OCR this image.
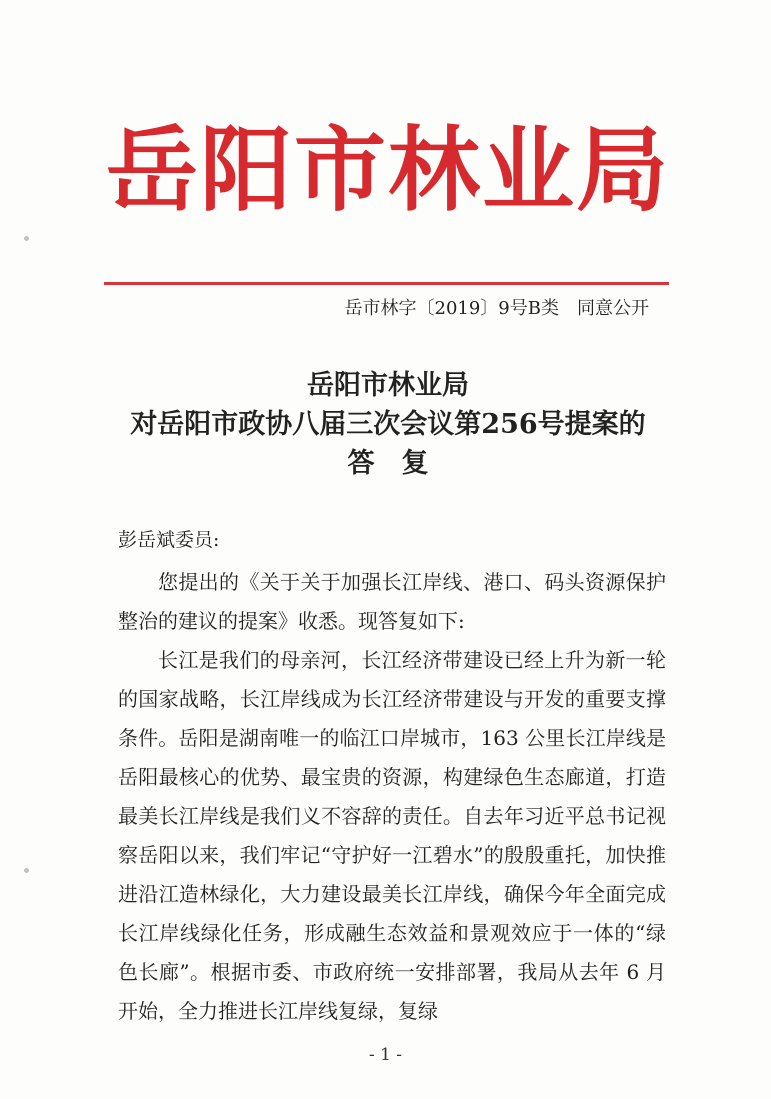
岳阳市林业局
岳市林字〔2019〕9号B类　同意公开
岳阳市林业局
对岳阳市政协八届三次会议第256号提案的
答　复
彭岳斌委员:

您提出的《关于关于加强长江岸线、港口、码头资源保护整治的建议的提案》收悉。现答复如下:

长江是我们的母亲河，长江经济带建设已经上升为新一轮的国家战略，长江岸线成为长江经济带建设与开发的重要支撑条件。岳阳是湖南唯一的临江口岸城市，163 公里长江岸线是岳阳最核心的优势、最宝贵的资源，构建绿色生态廊道，打造最美长江岸线是我们义不容辞的责任。自去年习近平总书记视察岳阳以来，我们牢记“守护好一江碧水”的殷殷重托，加快推进沿江造林绿化，大力建设最美长江岸线，确保今年全面完成长江岸线绿化任务，形成融生态效益和景观效应于一体的“绿色长廊”。根据市委、市政府统一安排部署，我局从去年 6 月开始，全力推进长江岸线复绿，复绿

- 1 -
